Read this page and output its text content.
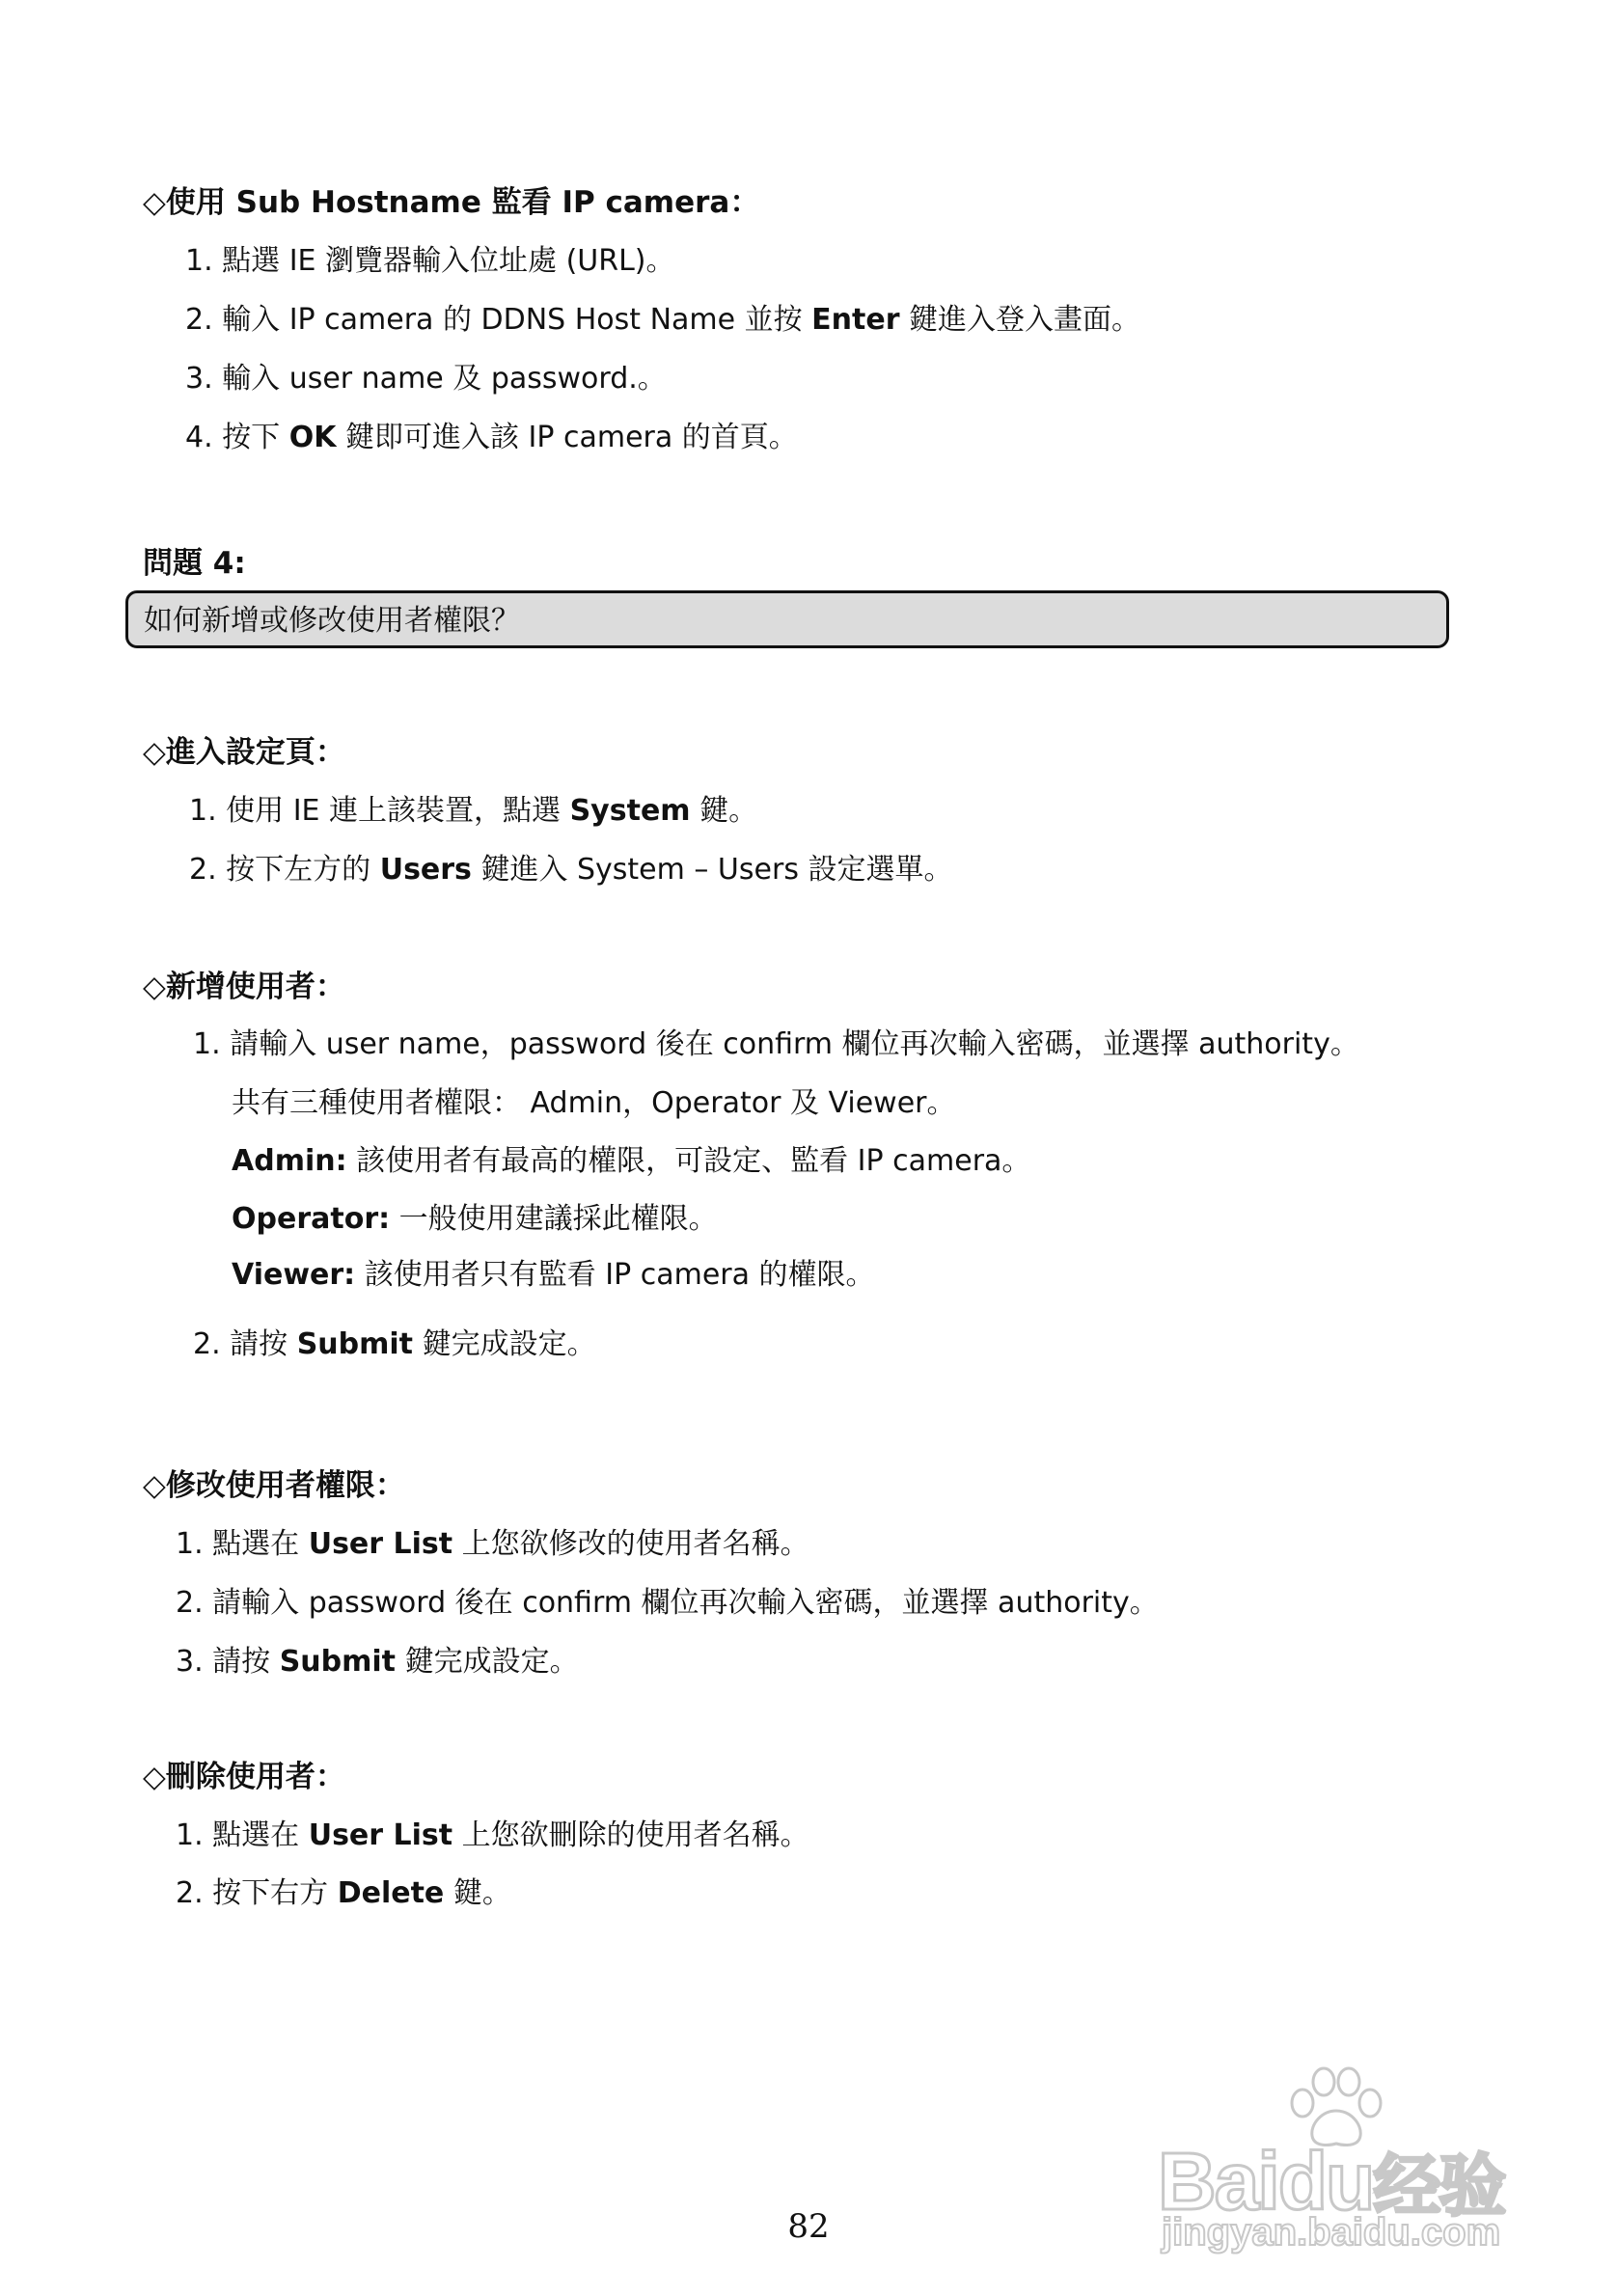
◇使用 Sub Hostname 監看 IP camera：
1. 點選 IE 瀏覽器輸入位址處 (URL)。
2. 輸入 IP camera 的 DDNS Host Name 並按 Enter 鍵進入登入畫面。
3. 輸入 user name 及 password.。
4. 按下 OK 鍵即可進入該 IP camera 的首頁。
問題 4:
如何新增或修改使用者權限？
◇進入設定頁：
1. 使用 IE 連上該裝置，點選 System 鍵。
2. 按下左方的 Users 鍵進入 System – Users 設定選單。
◇新增使用者：
1. 請輸入 user name，password 後在 confirm 欄位再次輸入密碼，並選擇 authority。
共有三種使用者權限： Admin，Operator 及 Viewer。
Admin: 該使用者有最高的權限，可設定、監看 IP camera。
Operator: 一般使用建議採此權限。
Viewer: 該使用者只有監看 IP camera 的權限。
2. 請按 Submit 鍵完成設定。
◇修改使用者權限：
1. 點選在 User List 上您欲修改的使用者名稱。
2. 請輸入 password 後在 confirm 欄位再次輸入密碼，並選擇 authority。
3. 請按 Submit 鍵完成設定。
◇刪除使用者：
1. 點選在 User List 上您欲刪除的使用者名稱。
2. 按下右方 Delete 鍵。
82	Baidu经验
jingyan.baidu.com
